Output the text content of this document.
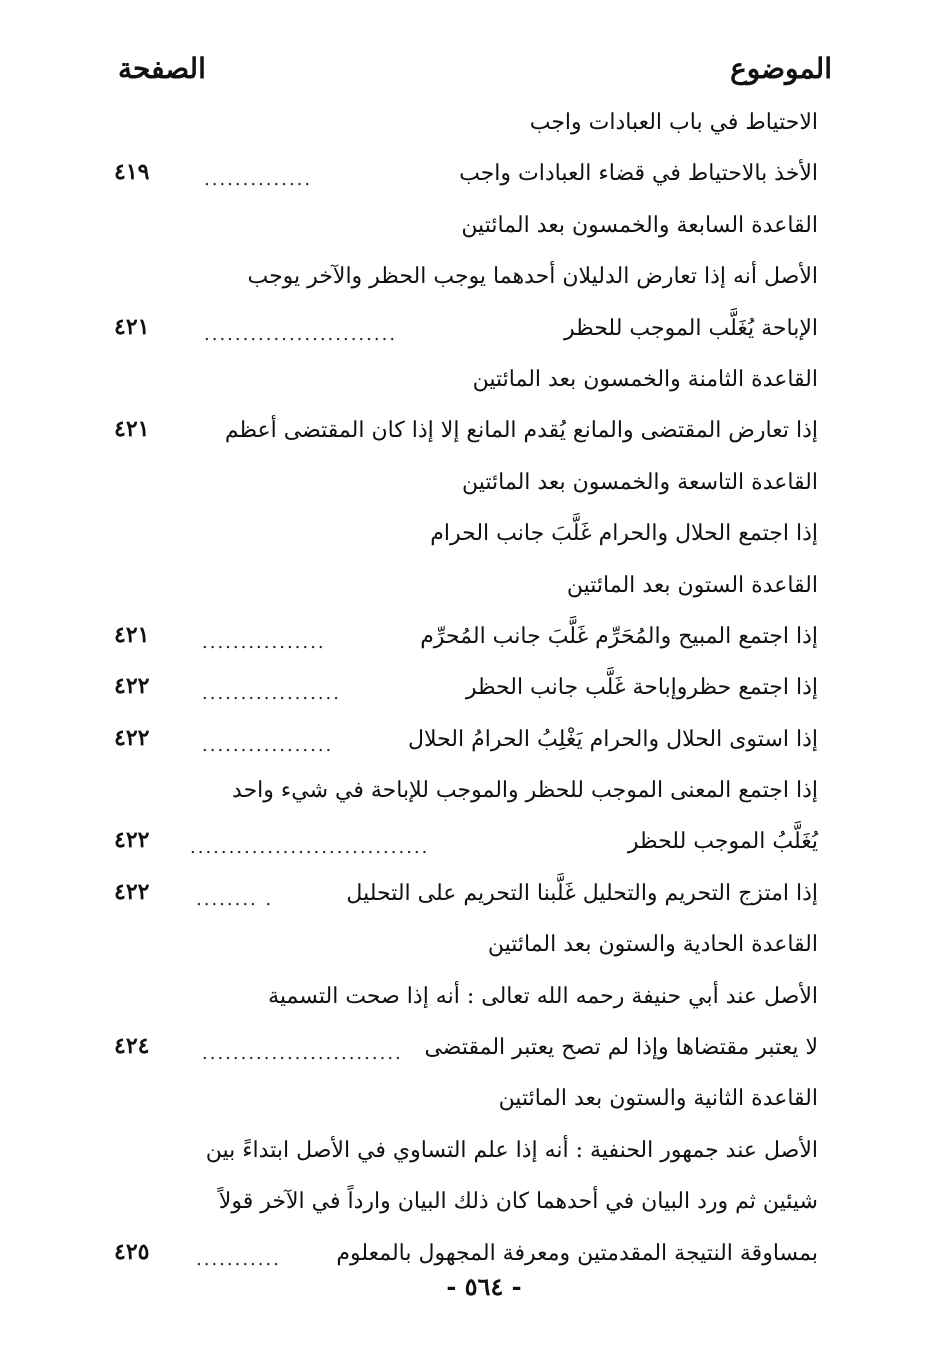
الموضوع
الصفحة
الاحتياط في باب العبادات واجب
الأخذ بالاحتياط في قضاء العبادات واجب
..............
٤١٩
القاعدة السابعة والخمسون بعد المائتين
الأصل أنه إذا تعارض الدليلان أحدهما يوجب الحظر والآخر يوجب
الإباحة يُغَلَّب الموجب للحظر
.........................
٤٢١
القاعدة الثامنة والخمسون بعد المائتين
إذا تعارض المقتضى والمانع يُقدم المانع إلا إذا كان المقتضى أعظم
٤٢١
القاعدة التاسعة والخمسون بعد المائتين
إذا اجتمع الحلال والحرام غَلَّبَ جانب الحرام
القاعدة الستون بعد المائتين
إذا اجتمع المبيح والمُحَرِّم غَلَّبَ جانب المُحرِّم
................
٤٢١
إذا اجتمع حظروإباحة غَلَّب جانب الحظر
..................
٤٢٢
إذا استوى الحلال والحرام يَغْلِبُ الحرامُ الحلال
.................
٤٢٢
إذا اجتمع المعنى الموجب للحظر والموجب للإباحة في شيء واحد
يُغَلَّبُ الموجب للحظر
...............................
٤٢٢
إذا امتزج التحريم والتحليل غَلَّبنا التحريم على التحليل
........ .
٤٢٢
القاعدة الحادية والستون بعد المائتين
الأصل عند أبي حنيفة رحمه الله تعالى : أنه إذا صحت التسمية
لا يعتبر مقتضاها وإذا لم تصح يعتبر المقتضى
..........................
٤٢٤
القاعدة الثانية والستون بعد المائتين
الأصل عند جمهور الحنفية : أنه إذا علم التساوي في الأصل ابتداءً بين
شيئين ثم ورد البيان في أحدهما كان ذلك البيان وارداً في الآخر قولاً
بمساوقة النتيجة المقدمتين ومعرفة المجهول بالمعلوم
...........
٤٢٥
- ٥٦٤ -
